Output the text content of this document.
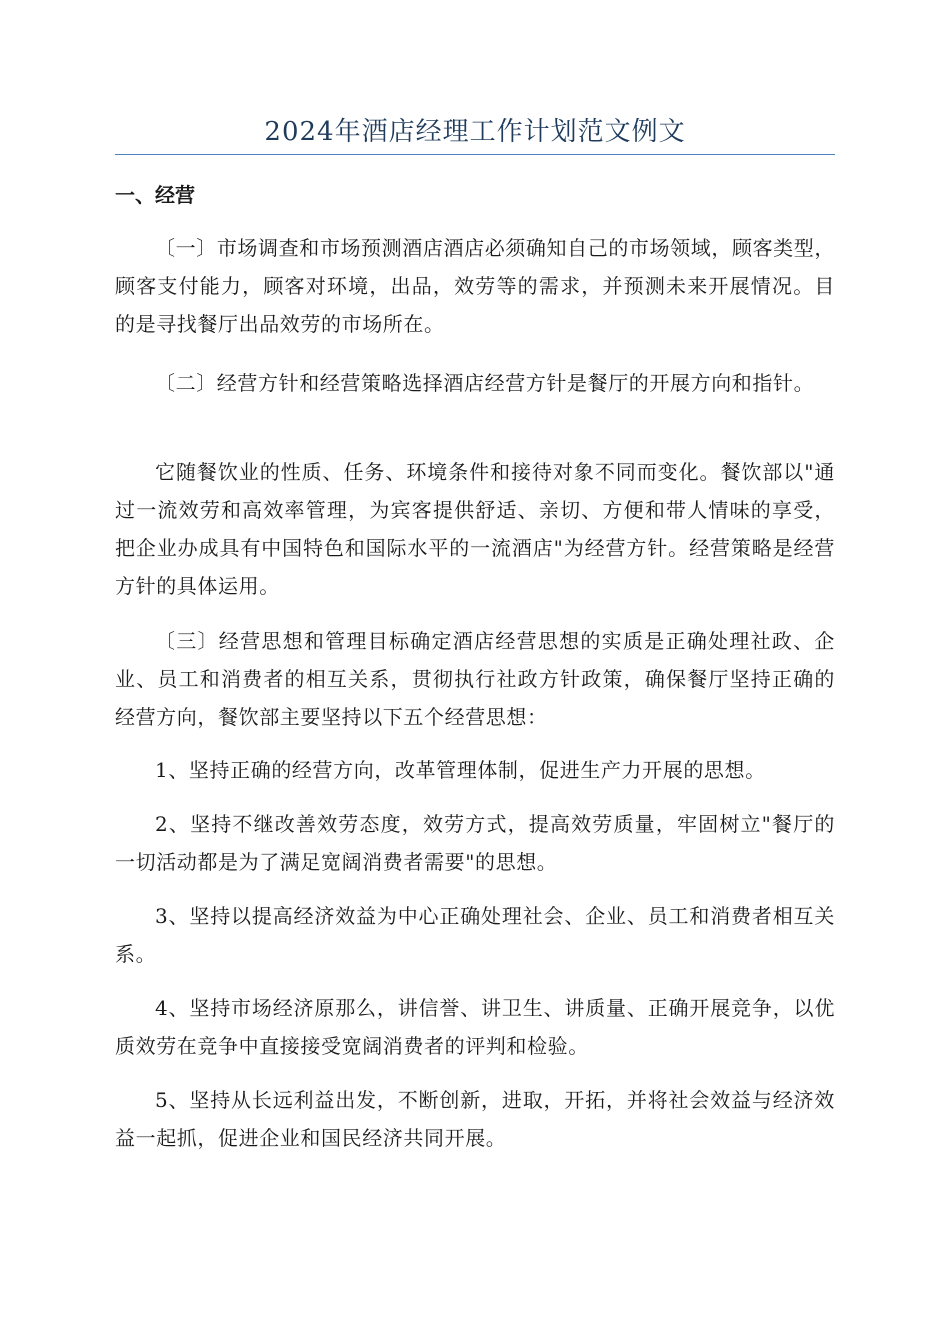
2024年酒店经理工作计划范文例文
一、经营

〔一〕市场调查和市场预测酒店酒店必须确知自己的市场领域，顾客类型，顾客支付能力，顾客对环境，出品，效劳等的需求，并预测未来开展情况。目的是寻找餐厅出品效劳的市场所在。

〔二〕经营方针和经营策略选择酒店经营方针是餐厅的开展方向和指针。

它随餐饮业的性质、任务、环境条件和接待对象不同而变化。餐饮部以"通过一流效劳和高效率管理，为宾客提供舒适、亲切、方便和带人情味的享受，把企业办成具有中国特色和国际水平的一流酒店"为经营方针。经营策略是经营方针的具体运用。

〔三〕经营思想和管理目标确定酒店经营思想的实质是正确处理社政、企业、员工和消费者的相互关系，贯彻执行社政方针政策，确保餐厅坚持正确的经营方向，餐饮部主要坚持以下五个经营思想：

1、坚持正确的经营方向，改革管理体制，促进生产力开展的思想。

2、坚持不继改善效劳态度，效劳方式，提高效劳质量，牢固树立"餐厅的一切活动都是为了满足宽阔消费者需要"的思想。

3、坚持以提高经济效益为中心正确处理社会、企业、员工和消费者相互关系。

4、坚持市场经济原那么，讲信誉、讲卫生、讲质量、正确开展竞争，以优质效劳在竞争中直接接受宽阔消费者的评判和检验。

5、坚持从长远利益出发，不断创新，进取，开拓，并将社会效益与经济效益一起抓，促进企业和国民经济共同开展。
